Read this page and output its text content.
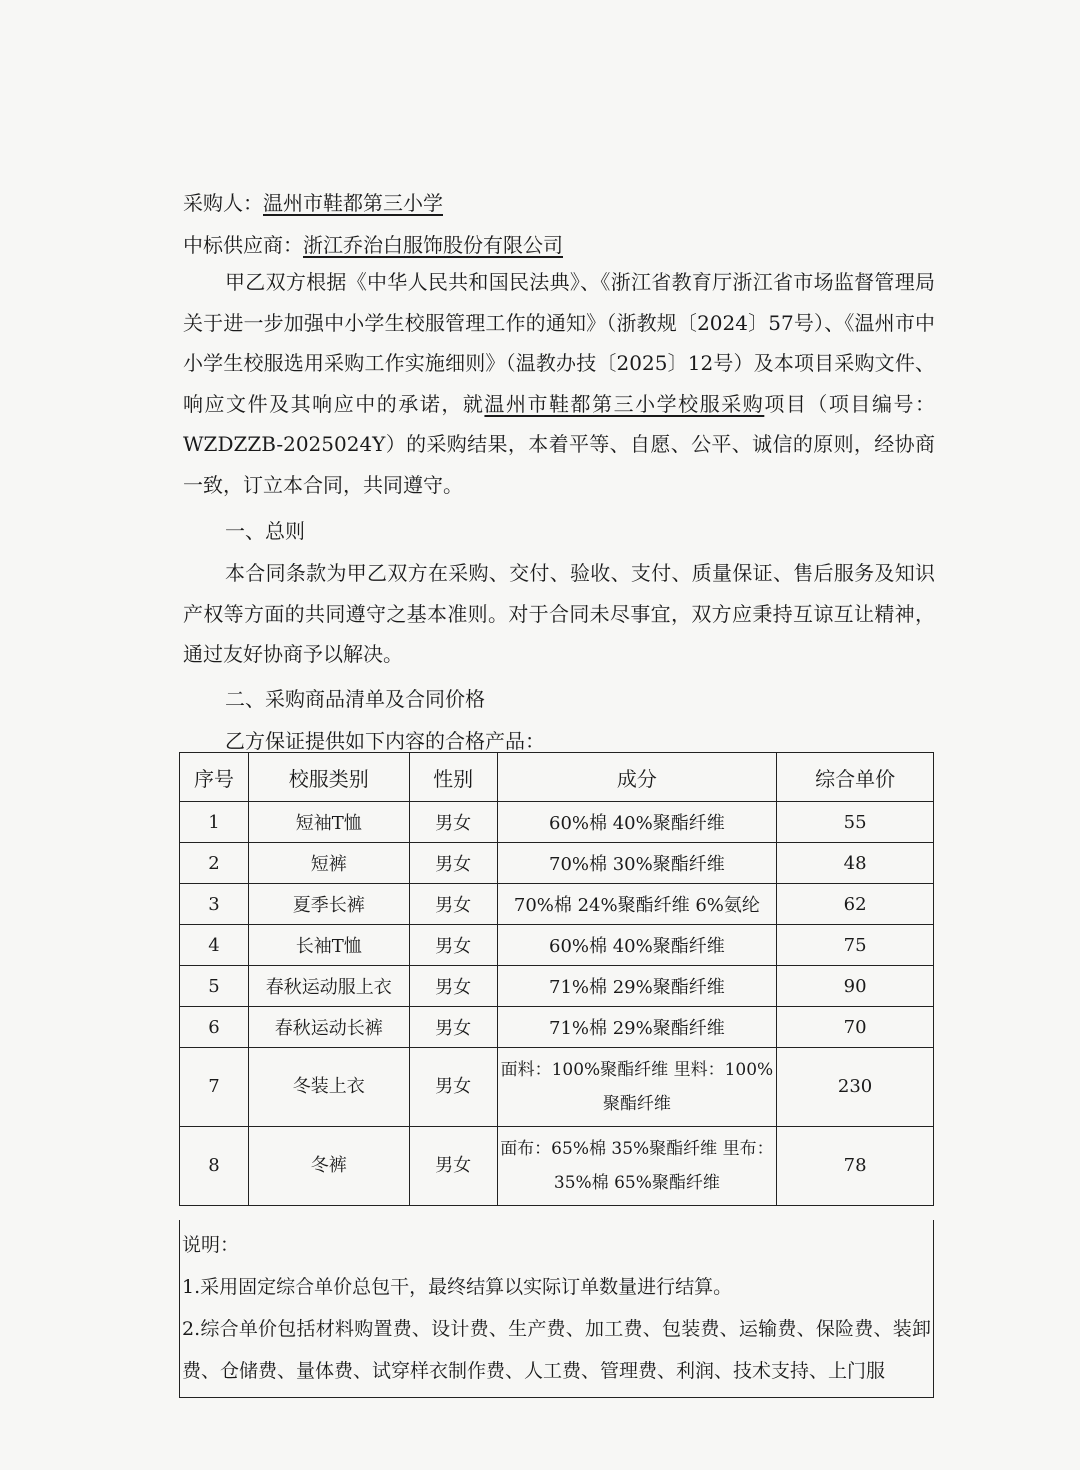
采购人：温州市鞋都第三小学
中标供应商：浙江乔治白服饰股份有限公司
甲乙双方根据《中华人民共和国民法典》、《浙江省教育厅浙江省市场监督管理局关于进一步加强中小学生校服管理工作的通知》（浙教规〔2024〕57号）、《温州市中小学生校服选用采购工作实施细则》（温教办技〔2025〕12号）及本项目采购文件、响应文件及其响应中的承诺，就温州市鞋都第三小学校服采购项目（项目编号：WZDZZB-2025024Y）的采购结果，本着平等、自愿、公平、诚信的原则，经协商一致，订立本合同，共同遵守。
一、总则
本合同条款为甲乙双方在采购、交付、验收、支付、质量保证、售后服务及知识产权等方面的共同遵守之基本准则。对于合同未尽事宜，双方应秉持互谅互让精神，通过友好协商予以解决。
二、采购商品清单及合同价格
乙方保证提供如下内容的合格产品：
序号	校服类别	性别	成分	综合单价
1	短袖T恤	男女	60%棉 40%聚酯纤维	55
2	短裤	男女	70%棉 30%聚酯纤维	48
3	夏季长裤	男女	70%棉 24%聚酯纤维 6%氨纶	62
4	长袖T恤	男女	60%棉 40%聚酯纤维	75
5	春秋运动服上衣	男女	71%棉 29%聚酯纤维	90
6	春秋运动长裤	男女	71%棉 29%聚酯纤维	70
7	冬装上衣	男女	面料：100%聚酯纤维 里料：100%聚酯纤维	230
8	冬裤	男女	面布：65%棉 35%聚酯纤维 里布：35%棉 65%聚酯纤维	78
说明：
1.采用固定综合单价总包干，最终结算以实际订单数量进行结算。
2.综合单价包括材料购置费、设计费、生产费、加工费、包装费、运输费、保险费、装卸费、仓储费、量体费、试穿样衣制作费、人工费、管理费、利润、技术支持、上门服
